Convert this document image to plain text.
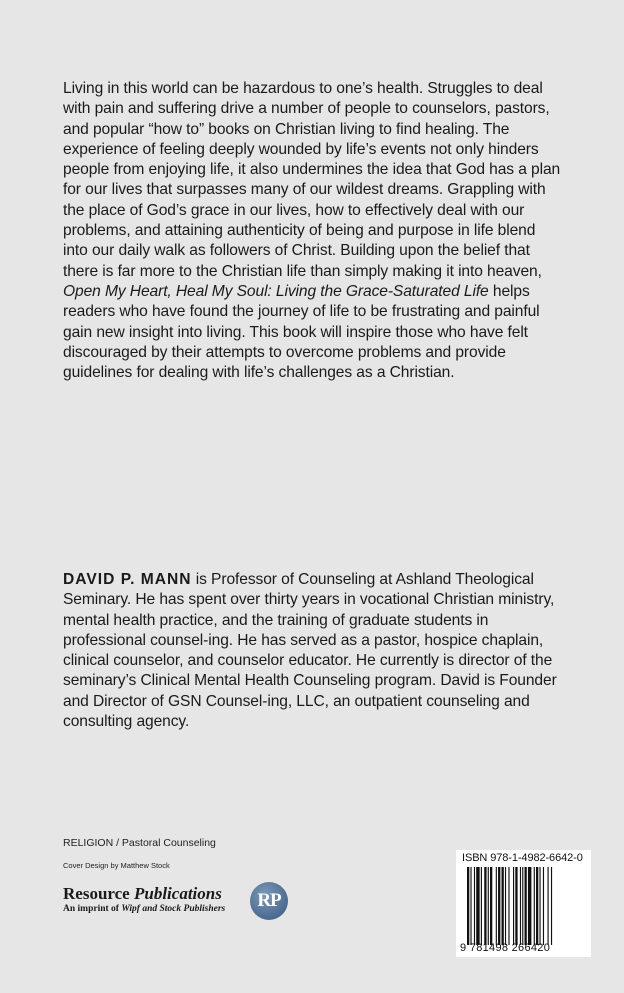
Living in this world can be hazardous to one’s health. Struggles to deal with pain and suffering drive a number of people to counselors, pastors, and popular “how to” books on Christian living to find healing. The experience of feeling deeply wounded by life’s events not only hinders people from enjoying life, it also undermines the idea that God has a plan for our lives that surpasses many of our wildest dreams. Grappling with the place of God’s grace in our lives, how to effectively deal with our problems, and attaining authenticity of being and purpose in life blend into our daily walk as followers of Christ. Building upon the belief that there is far more to the Christian life than simply making it into heaven, Open My Heart, Heal My Soul: Living the Grace-Saturated Life helps readers who have found the journey of life to be frustrating and painful gain new insight into living. This book will inspire those who have felt discouraged by their attempts to overcome problems and provide guidelines for dealing with life’s challenges as a Christian.

DAVID P. MANN is Professor of Counseling at Ashland Theological Seminary. He has spent over thirty years in vocational Christian ministry, mental health practice, and the training of graduate students in professional counsel-ing. He has served as a pastor, hospice chaplain, clinical counselor, and counselor educator. He currently is director of the seminary’s Clinical Mental Health Counseling program. David is Founder and Director of GSN Counsel-ing, LLC, an outpatient counseling and consulting agency.
RELIGION / Pastoral Counseling
Cover Design by Matthew Stock
Resource Publications
An imprint of Wipf and Stock Publishers	RP
ISBN 978-1-4982-6642-0
9 781498 266420
